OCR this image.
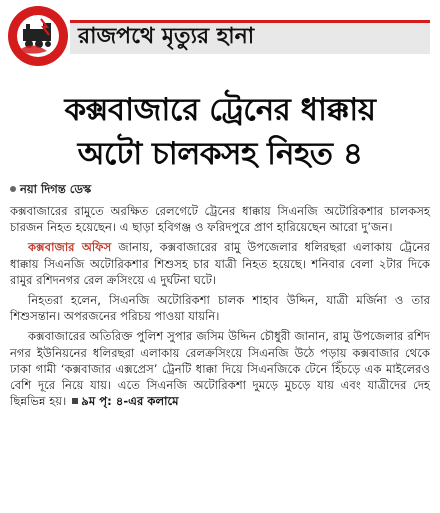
রাজপথে মৃত্যুর হানা
কক্সবাজারে ট্রেনের ধাক্কায়
অটো চালকসহ নিহত ৪
নয়া দিগন্ত ডেস্ক

কক্সবাজারের রামুতে অরক্ষিত রেলগেটে ট্রেনের ধাক্কায় সিএনজি অটোরিকশার চালকসহ চারজন নিহত হয়েছেন। এ ছাড়া হবিগঞ্জ ও ফরিদপুরে প্রাণ হারিয়েছেন আরো দু’জন।

কক্সবাজার অফিস জানায়, কক্সবাজারের রামু উপজেলার ধলিরছরা এলাকায় ট্রেনের ধাক্কায় সিএনজি অটোরিকশার শিশুসহ চার যাত্রী নিহত হয়েছে। শনিবার বেলা ২টার দিকে রামুর রশিদনগর রেল ক্রসিংয়ে এ দুর্ঘটনা ঘটে।

নিহতরা হলেন, সিএনজি অটোরিকশা চালক শাহাব উদ্দিন, যাত্রী মর্জিনা ও তার শিশুসন্তান। অপরজনের পরিচয় পাওয়া যায়নি।

কক্সবাজারের অতিরিক্ত পুলিশ সুপার জসিম উদ্দিন চৌধুরী জানান, রামু উপজেলার রশিদ নগর ইউনিয়নের ধলিরছরা এলাকায় রেলক্রসিংয়ে সিএনজি উঠে পড়ায় কক্সবাজার থেকে ঢাকা গামী ‘কক্সবাজার এক্সপ্রেস’ ট্রেনটি ধাক্কা দিয়ে সিএনজিকে টেনে হিঁচড়ে এক মাইলেরও বেশি দূরে নিয়ে যায়। এতে সিএনজি অটোরিকশা দুমড়ে মুচড়ে যায় এবং যাত্রীদের দেহ ছিন্নভিন্ন হয়। ৯ম পৃ: ৪-এর কলামে
